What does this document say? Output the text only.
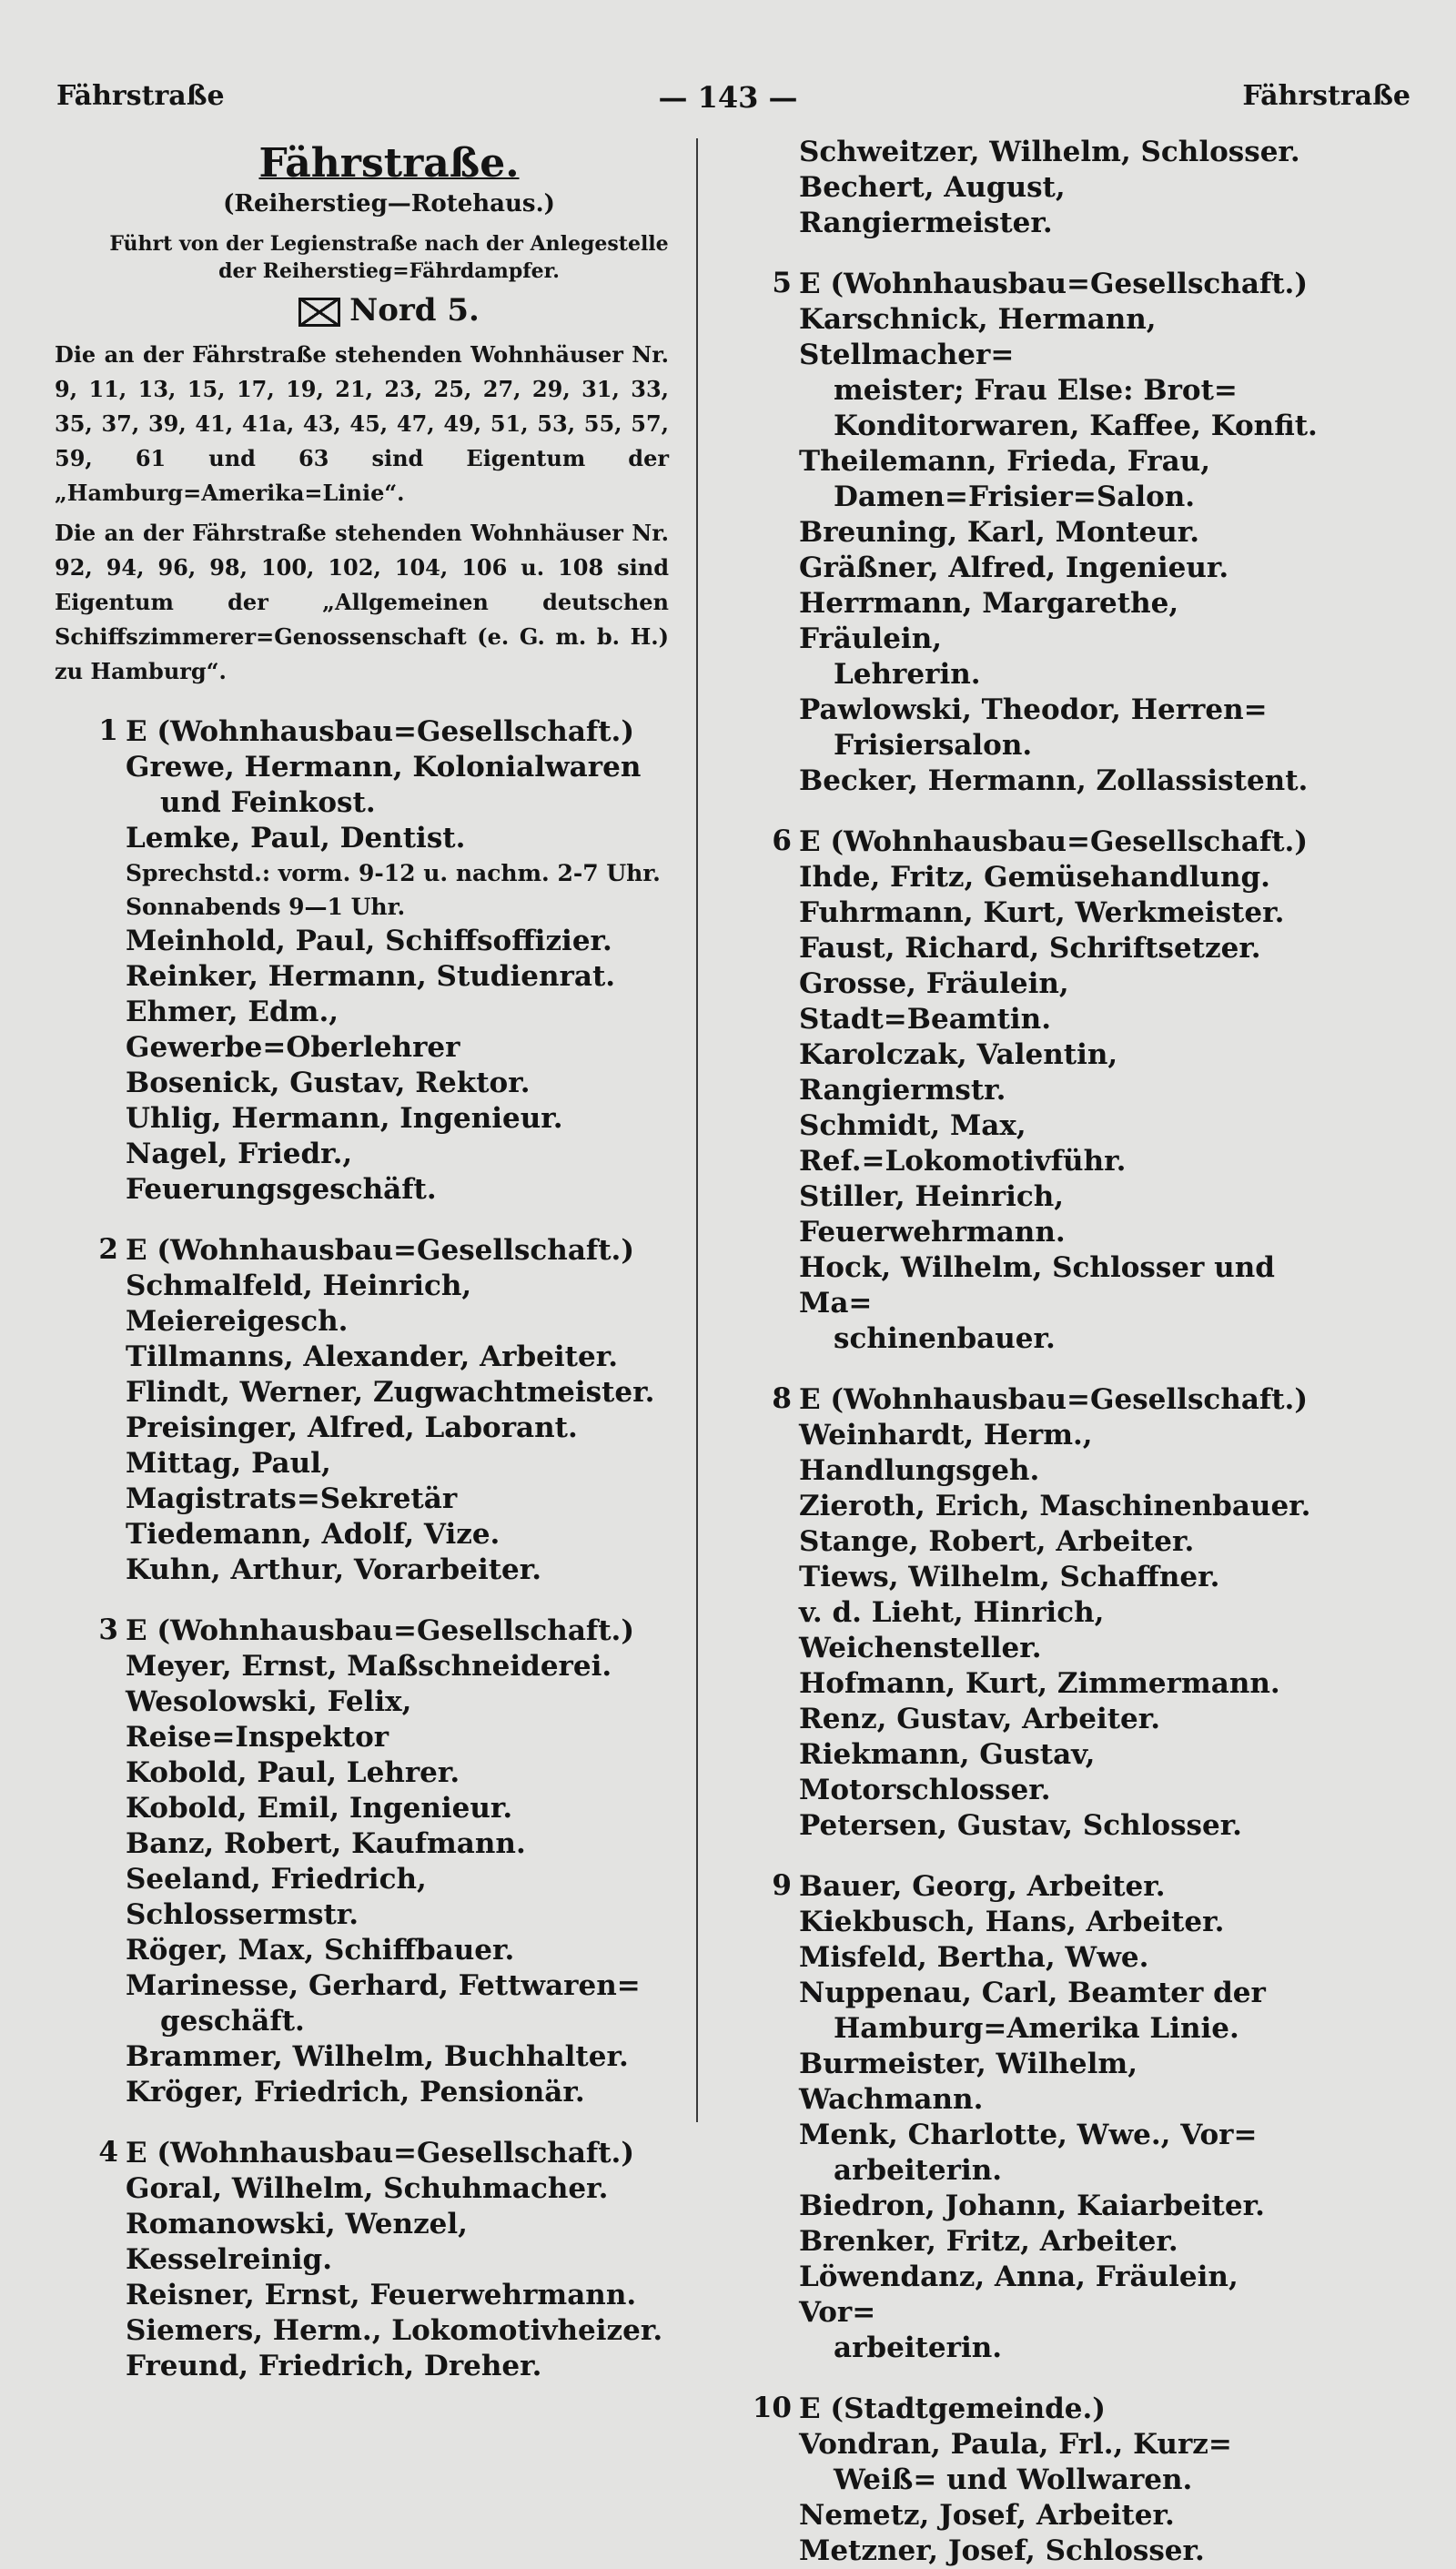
Fährstraße	— 143 —	Fährstraße
Fährstraße.
(Reiherstieg—Rotehaus.)
Führt von der Legienstraße nach der Anlegestelle der Reiherstieg=Fährdampfer.
Nord 5.

Die an der Fährstraße stehenden Wohnhäuser Nr. 9, 11, 13, 15, 17, 19, 21, 23, 25, 27, 29, 31, 33, 35, 37, 39, 41, 41a, 43, 45, 47, 49, 51, 53, 55, 57, 59, 61 und 63 sind Eigentum der „Hamburg=Amerika=Linie“.

Die an der Fährstraße stehenden Wohnhäuser Nr. 92, 94, 96, 98, 100, 102, 104, 106 u. 108 sind Eigentum der „Allgemeinen deutschen Schiffszimmerer=Genossenschaft (e. G. m. b. H.) zu Hamburg“.

1 E (Wohnhausbau=Gesellschaft.)
Grewe, Hermann, Kolonialwaren
und Feinkost.
Lemke, Paul, Dentist.
Sprechstd.: vorm. 9-12 u. nachm. 2-7 Uhr.
Sonnabends 9—1 Uhr.
Meinhold, Paul, Schiffsoffizier.
Reinker, Hermann, Studienrat.
Ehmer, Edm., Gewerbe=Oberlehrer
Bosenick, Gustav, Rektor.
Uhlig, Hermann, Ingenieur.
Nagel, Friedr., Feuerungsgeschäft.
2 E (Wohnhausbau=Gesellschaft.)
Schmalfeld, Heinrich, Meiereigesch.
Tillmanns, Alexander, Arbeiter.
Flindt, Werner, Zugwachtmeister.
Preisinger, Alfred, Laborant.
Mittag, Paul, Magistrats=Sekretär
Tiedemann, Adolf, Vize.
Kuhn, Arthur, Vorarbeiter.
3 E (Wohnhausbau=Gesellschaft.)
Meyer, Ernst, Maßschneiderei.
Wesolowski, Felix, Reise=Inspektor
Kobold, Paul, Lehrer.
Kobold, Emil, Ingenieur.
Banz, Robert, Kaufmann.
Seeland, Friedrich, Schlossermstr.
Röger, Max, Schiffbauer.
Marinesse, Gerhard, Fettwaren=
geschäft.
Brammer, Wilhelm, Buchhalter.
Kröger, Friedrich, Pensionär.
4 E (Wohnhausbau=Gesellschaft.)
Goral, Wilhelm, Schuhmacher.
Romanowski, Wenzel, Kesselreinig.
Reisner, Ernst, Feuerwehrmann.
Siemers, Herm., Lokomotivheizer.
Freund, Friedrich, Dreher.
Schweitzer, Wilhelm, Schlosser.
Bechert, August, Rangiermeister.
5 E (Wohnhausbau=Gesellschaft.)
Karschnick, Hermann, Stellmacher=
meister; Frau Else: Brot=
Konditorwaren, Kaffee, Konfit.
Theilemann, Frieda, Frau,
Damen=Frisier=Salon.
Breuning, Karl, Monteur.
Gräßner, Alfred, Ingenieur.
Herrmann, Margarethe, Fräulein,
Lehrerin.
Pawlowski, Theodor, Herren=
Frisiersalon.
Becker, Hermann, Zollassistent.
6 E (Wohnhausbau=Gesellschaft.)
Ihde, Fritz, Gemüsehandlung.
Fuhrmann, Kurt, Werkmeister.
Faust, Richard, Schriftsetzer.
Grosse, Fräulein, Stadt=Beamtin.
Karolczak, Valentin, Rangiermstr.
Schmidt, Max, Ref.=Lokomotivführ.
Stiller, Heinrich, Feuerwehrmann.
Hock, Wilhelm, Schlosser und Ma=
schinenbauer.
8 E (Wohnhausbau=Gesellschaft.)
Weinhardt, Herm., Handlungsgeh.
Zieroth, Erich, Maschinenbauer.
Stange, Robert, Arbeiter.
Tiews, Wilhelm, Schaffner.
v. d. Lieht, Hinrich, Weichensteller.
Hofmann, Kurt, Zimmermann.
Renz, Gustav, Arbeiter.
Riekmann, Gustav, Motorschlosser.
Petersen, Gustav, Schlosser.
9 Bauer, Georg, Arbeiter.
Kiekbusch, Hans, Arbeiter.
Misfeld, Bertha, Wwe.
Nuppenau, Carl, Beamter der
Hamburg=Amerika Linie.
Burmeister, Wilhelm, Wachmann.
Menk, Charlotte, Wwe., Vor=
arbeiterin.
Biedron, Johann, Kaiarbeiter.
Brenker, Fritz, Arbeiter.
Löwendanz, Anna, Fräulein, Vor=
arbeiterin.
10 E (Stadtgemeinde.)
Vondran, Paula, Frl., Kurz=
Weiß= und Wollwaren.
Nemetz, Josef, Arbeiter.
Metzner, Josef, Schlosser.
